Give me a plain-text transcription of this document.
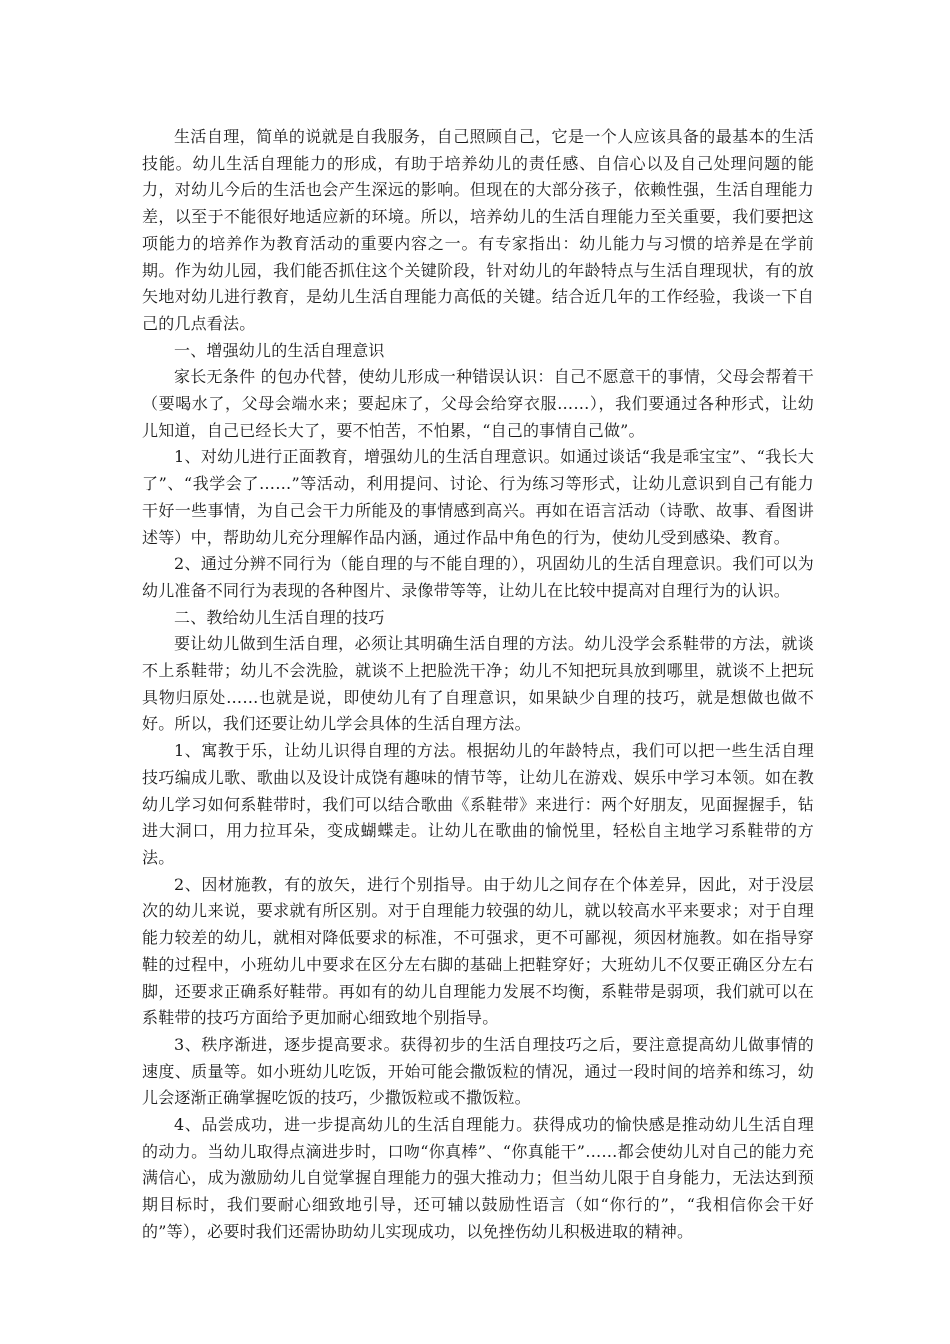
生活自理，简单的说就是自我服务，自己照顾自己，它是一个人应该具备的最基本的生活技能。幼儿生活自理能力的形成，有助于培养幼儿的责任感、自信心以及自己处理问题的能力，对幼儿今后的生活也会产生深远的影响。但现在的大部分孩子，依赖性强，生活自理能力差，以至于不能很好地适应新的环境。所以，培养幼儿的生活自理能力至关重要，我们要把这项能力的培养作为教育活动的重要内容之一。有专家指出：幼儿能力与习惯的培养是在学前期。作为幼儿园，我们能否抓住这个关键阶段，针对幼儿的年龄特点与生活自理现状，有的放矢地对幼儿进行教育，是幼儿生活自理能力高低的关键。结合近几年的工作经验，我谈一下自己的几点看法。

一、增强幼儿的生活自理意识

家长无条件 的包办代替，使幼儿形成一种错误认识：自己不愿意干的事情，父母会帮着干（要喝水了，父母会端水来；要起床了，父母会给穿衣服……），我们要通过各种形式，让幼儿知道，自己已经长大了，要不怕苦，不怕累，“自己的事情自己做”。

1、对幼儿进行正面教育，增强幼儿的生活自理意识。如通过谈话“我是乖宝宝”、“我长大了”、“我学会了……”等活动，利用提问、讨论、行为练习等形式，让幼儿意识到自己有能力干好一些事情，为自己会干力所能及的事情感到高兴。再如在语言活动（诗歌、故事、看图讲述等）中，帮助幼儿充分理解作品内涵，通过作品中角色的行为，使幼儿受到感染、教育。

2、通过分辨不同行为（能自理的与不能自理的），巩固幼儿的生活自理意识。我们可以为幼儿准备不同行为表现的各种图片、录像带等等，让幼儿在比较中提高对自理行为的认识。

二、教给幼儿生活自理的技巧

要让幼儿做到生活自理，必须让其明确生活自理的方法。幼儿没学会系鞋带的方法，就谈不上系鞋带；幼儿不会洗脸，就谈不上把脸洗干净；幼儿不知把玩具放到哪里，就谈不上把玩具物归原处……也就是说，即使幼儿有了自理意识，如果缺少自理的技巧，就是想做也做不好。所以，我们还要让幼儿学会具体的生活自理方法。

1、寓教于乐，让幼儿识得自理的方法。根据幼儿的年龄特点，我们可以把一些生活自理技巧编成儿歌、歌曲以及设计成饶有趣味的情节等，让幼儿在游戏、娱乐中学习本领。如在教幼儿学习如何系鞋带时，我们可以结合歌曲《系鞋带》来进行：两个好朋友，见面握握手，钻进大洞口，用力拉耳朵，变成蝴蝶走。让幼儿在歌曲的愉悦里，轻松自主地学习系鞋带的方法。

2、因材施教，有的放矢，进行个别指导。由于幼儿之间存在个体差异，因此，对于没层次的幼儿来说，要求就有所区别。对于自理能力较强的幼儿，就以较高水平来要求；对于自理能力较差的幼儿，就相对降低要求的标准，不可强求，更不可鄙视，须因材施教。如在指导穿鞋的过程中，小班幼儿中要求在区分左右脚的基础上把鞋穿好；大班幼儿不仅要正确区分左右脚，还要求正确系好鞋带。再如有的幼儿自理能力发展不均衡，系鞋带是弱项，我们就可以在系鞋带的技巧方面给予更加耐心细致地个别指导。

3、秩序渐进，逐步提高要求。获得初步的生活自理技巧之后，要注意提高幼儿做事情的速度、质量等。如小班幼儿吃饭，开始可能会撒饭粒的情况，通过一段时间的培养和练习，幼儿会逐渐正确掌握吃饭的技巧，少撒饭粒或不撒饭粒。

4、品尝成功，进一步提高幼儿的生活自理能力。获得成功的愉快感是推动幼儿生活自理的动力。当幼儿取得点滴进步时，口吻“你真棒”、“你真能干”……都会使幼儿对自己的能力充满信心，成为激励幼儿自觉掌握自理能力的强大推动力；但当幼儿限于自身能力，无法达到预期目标时，我们要耐心细致地引导，还可辅以鼓励性语言（如“你行的”，“我相信你会干好的”等），必要时我们还需协助幼儿实现成功，以免挫伤幼儿积极进取的精神。
